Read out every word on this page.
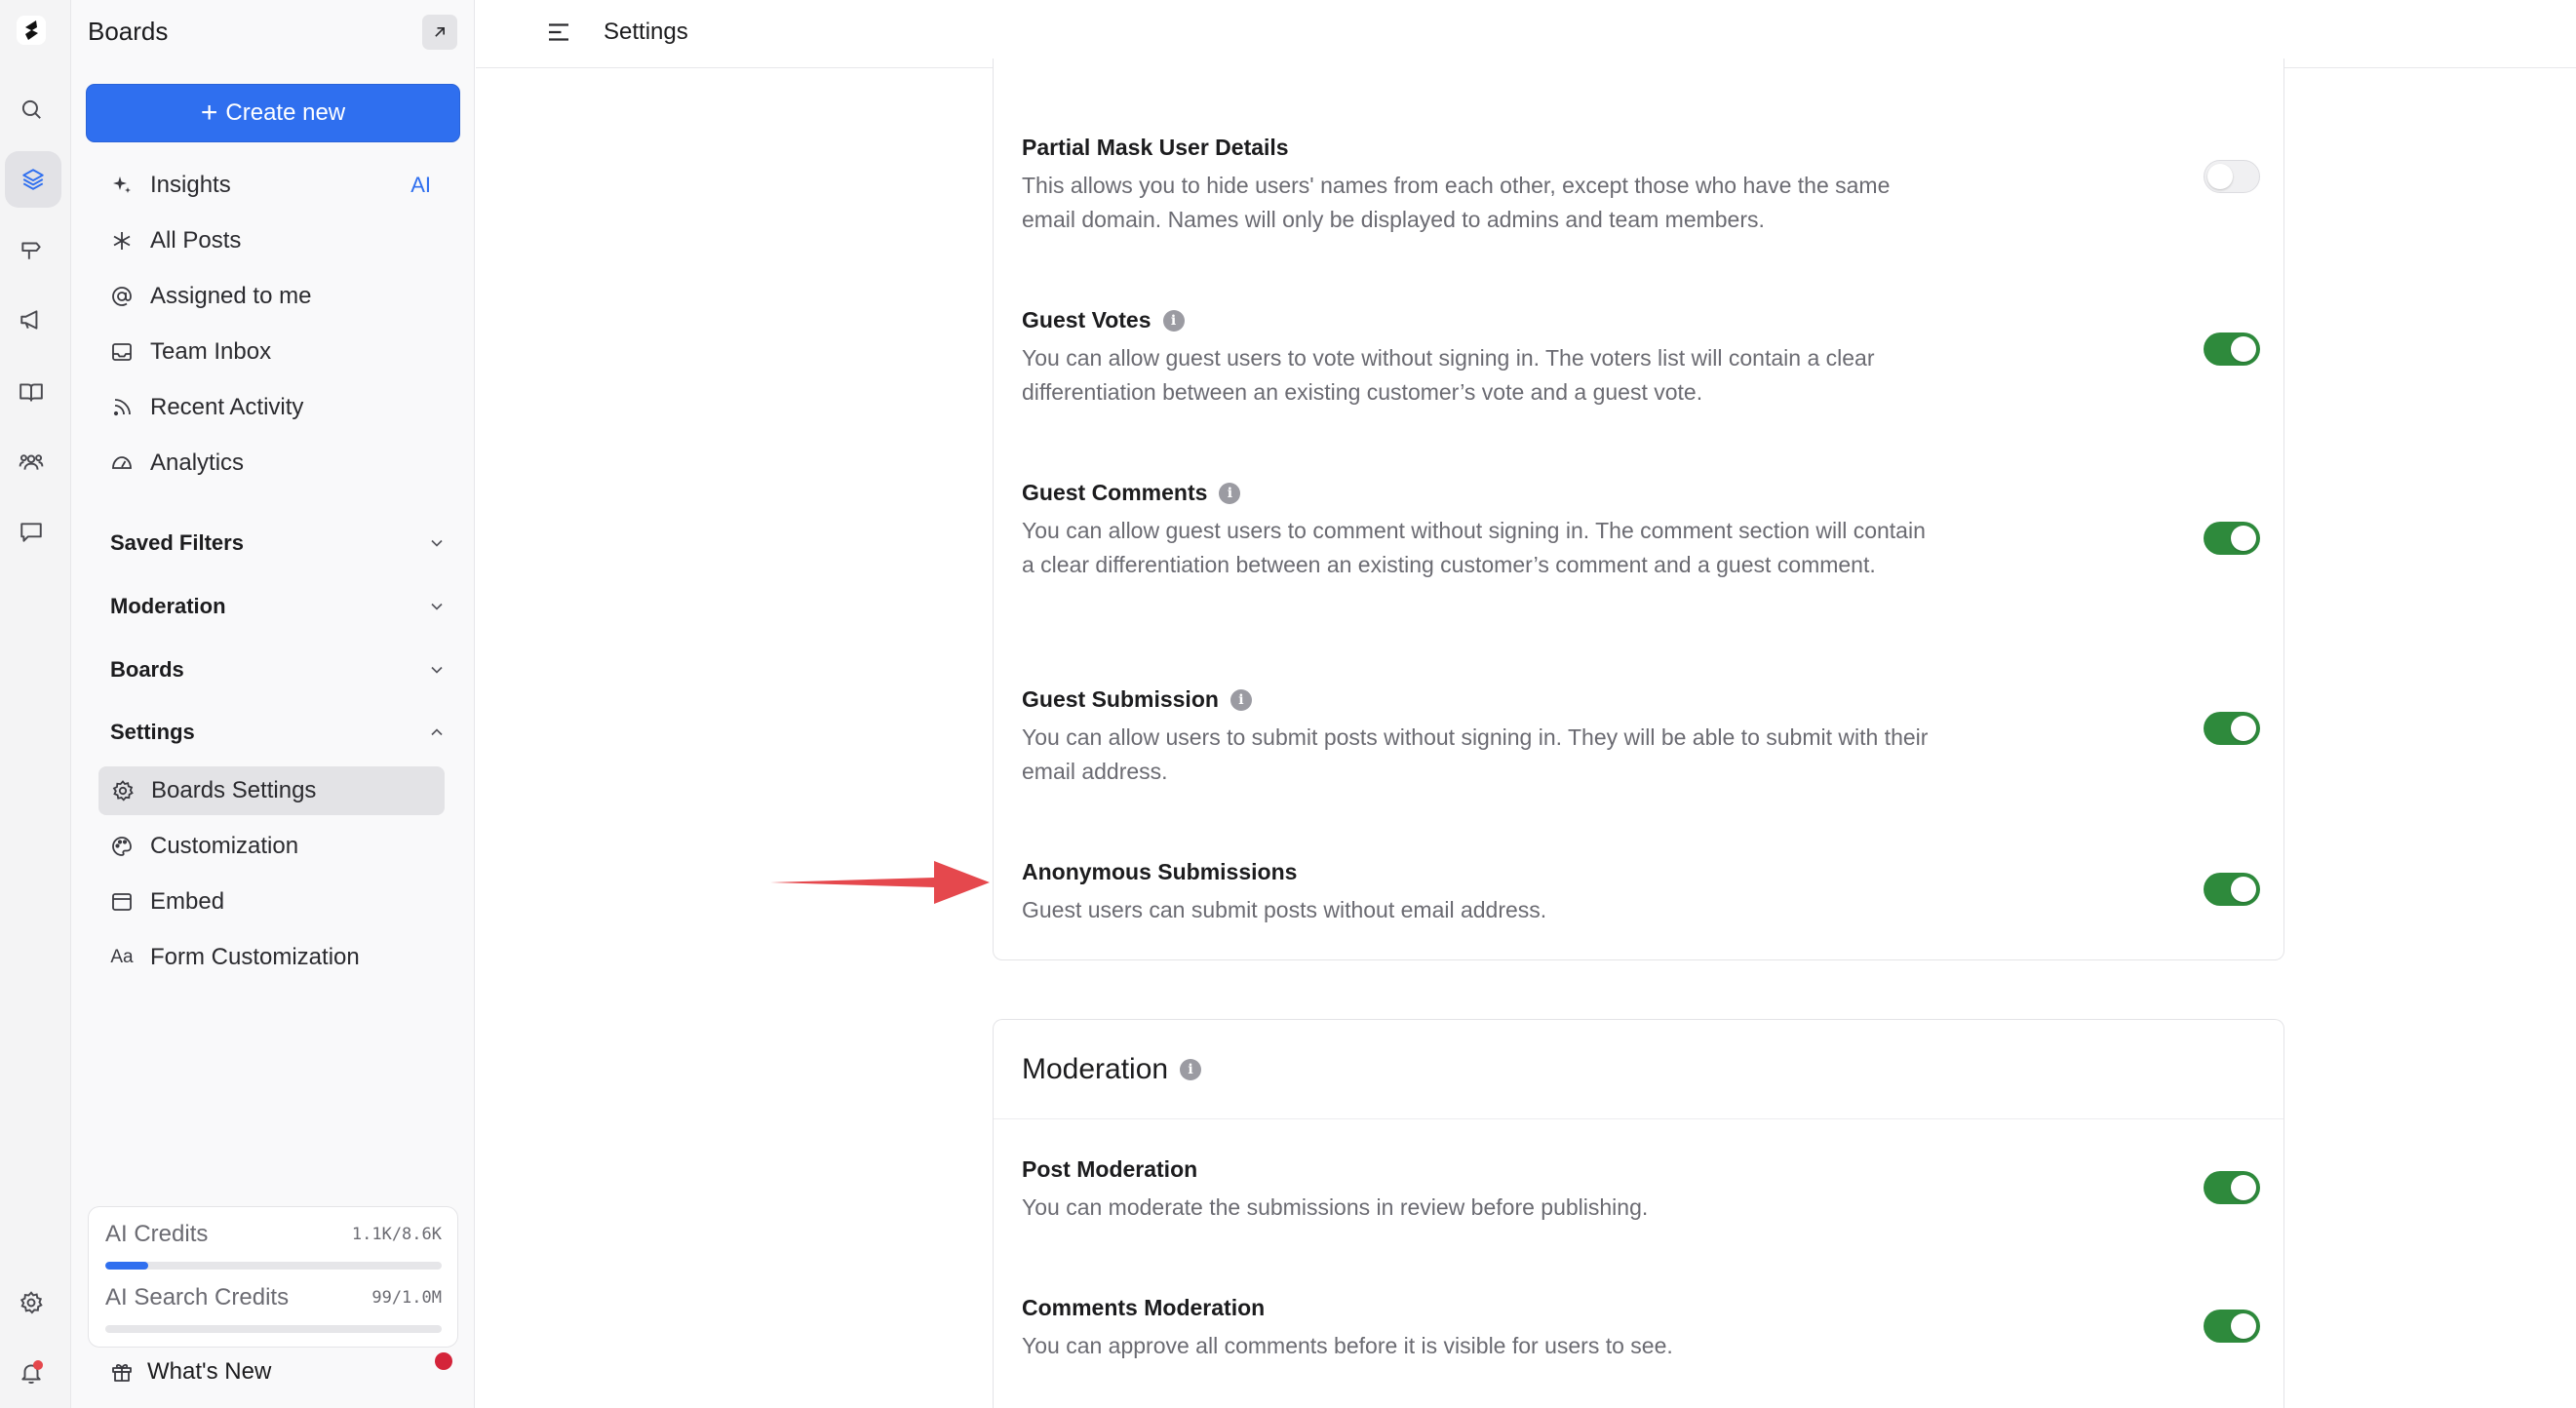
Boards
+ Create new
Insights	AI
All Posts
Assigned to me
Team Inbox
Recent Activity
Analytics
Saved Filters
Moderation
Boards
Settings
Boards Settings
Customization
Embed
Aa Form Customization
AI Credits	1.1K/8.6K
AI Search Credits	99/1.0M
What's New
Settings
Partial Mask User Details
This allows you to hide users' names from each other, except those who have the same email domain. Names will only be displayed to admins and team members.
Guest Votes	i
You can allow guest users to vote without signing in. The voters list will contain a clear differentiation between an existing customer’s vote and a guest vote.
Guest Comments	i
You can allow guest users to comment without signing in. The comment section will contain a clear differentiation between an existing customer’s comment and a guest comment.
Guest Submission	i
You can allow users to submit posts without signing in. They will be able to submit with their email address.
Anonymous Submissions
Guest users can submit posts without email address.
Moderation	i
Post Moderation
You can moderate the submissions in review before publishing.
Comments Moderation
You can approve all comments before it is visible for users to see.
